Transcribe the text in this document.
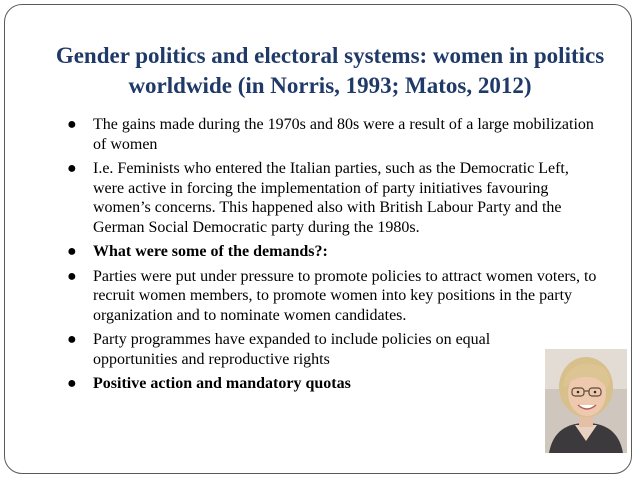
Gender politics and electoral systems: women in politics worldwide (in Norris, 1993; Matos, 2012)
● The gains made during the 1970s and 80s were a result of a large mobilization of women
● I.e. Feminists who entered the Italian parties, such as the Democratic Left, were active in forcing the implementation of party initiatives favouring women’s concerns. This happened also with British Labour Party and the German Social Democratic party during the 1980s.
● What were some of the demands?:
● Parties were put under pressure to promote policies to attract women voters, to recruit women members, to promote women into key positions in the party organization and to nominate women candidates.
● Party programmes have expanded to include policies on equal opportunities and reproductive rights
● Positive action and mandatory quotas
